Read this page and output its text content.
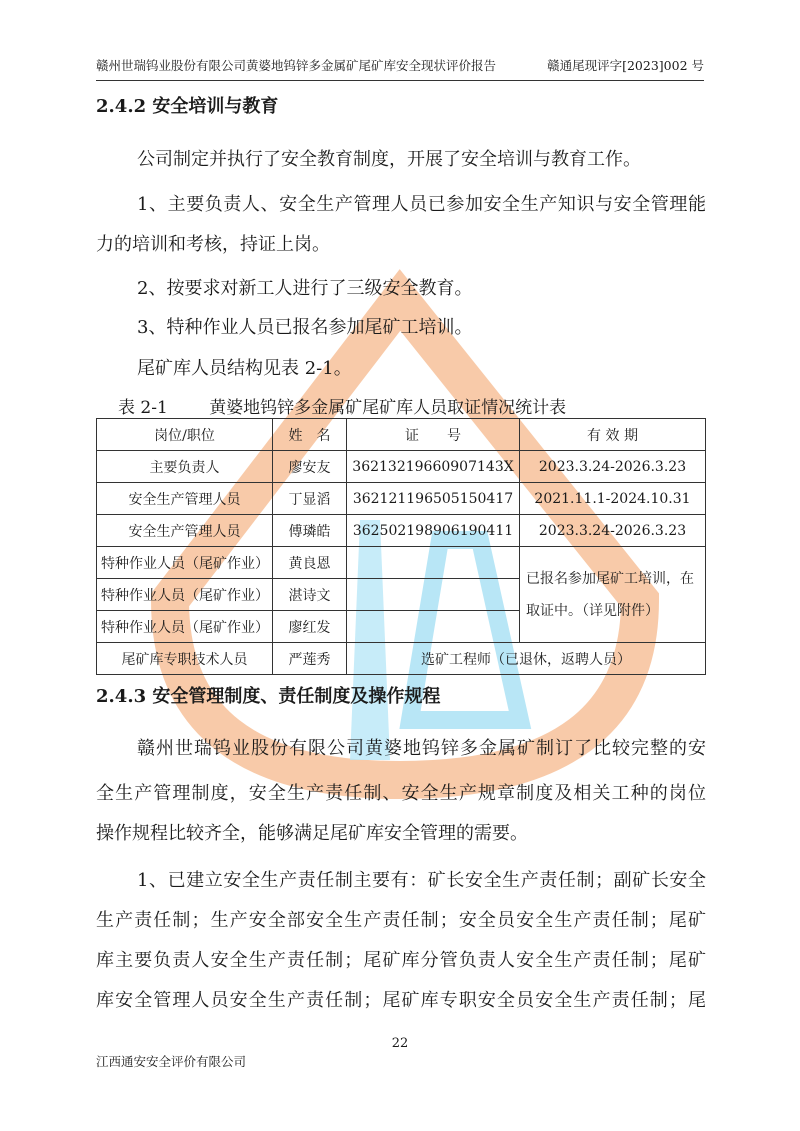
赣州世瑞钨业股份有限公司黄婆地钨锌多金属矿尾矿库安全现状评价报告	赣通尾现评字[2023]002 号
2.4.2 安全培训与教育
公司制定并执行了安全教育制度，开展了安全培训与教育工作。
1、主要负责人、安全生产管理人员已参加安全生产知识与安全管理能
力的培训和考核，持证上岗。
2、按要求对新工人进行了三级安全教育。
3、特种作业人员已报名参加尾矿工培训。
尾矿库人员结构见表 2-1。
表 2-1 黄婆地钨锌多金属矿尾矿库人员取证情况统计表
岗位/职位	姓　名	证　　号	有 效 期
主要负责人	廖安友	36213219660907143X	2023.3.24-2026.3.23
安全生产管理人员	丁显滔	362121196505150417	2021.11.1-2024.10.31
安全生产管理人员	傅璘皓	362502198906190411	2023.3.24-2026.3.23
特种作业人员（尾矿作业）	黄良恩		已报名参加尾矿工培训，在取证中。（详见附件）
特种作业人员（尾矿作业）	湛诗文		
特种作业人员（尾矿作业）	廖红发		
尾矿库专职技术人员	严莲秀	选矿工程师（已退休，返聘人员）	
2.4.3 安全管理制度、责任制度及操作规程
赣州世瑞钨业股份有限公司黄婆地钨锌多金属矿制订了比较完整的安
全生产管理制度，安全生产责任制、安全生产规章制度及相关工种的岗位
操作规程比较齐全，能够满足尾矿库安全管理的需要。
1、已建立安全生产责任制主要有：矿长安全生产责任制；副矿长安全
生产责任制；生产安全部安全生产责任制；安全员安全生产责任制；尾矿
库主要负责人安全生产责任制；尾矿库分管负责人安全生产责任制；尾矿
库安全管理人员安全生产责任制；尾矿库专职安全员安全生产责任制；尾
22
江西通安安全评价有限公司
